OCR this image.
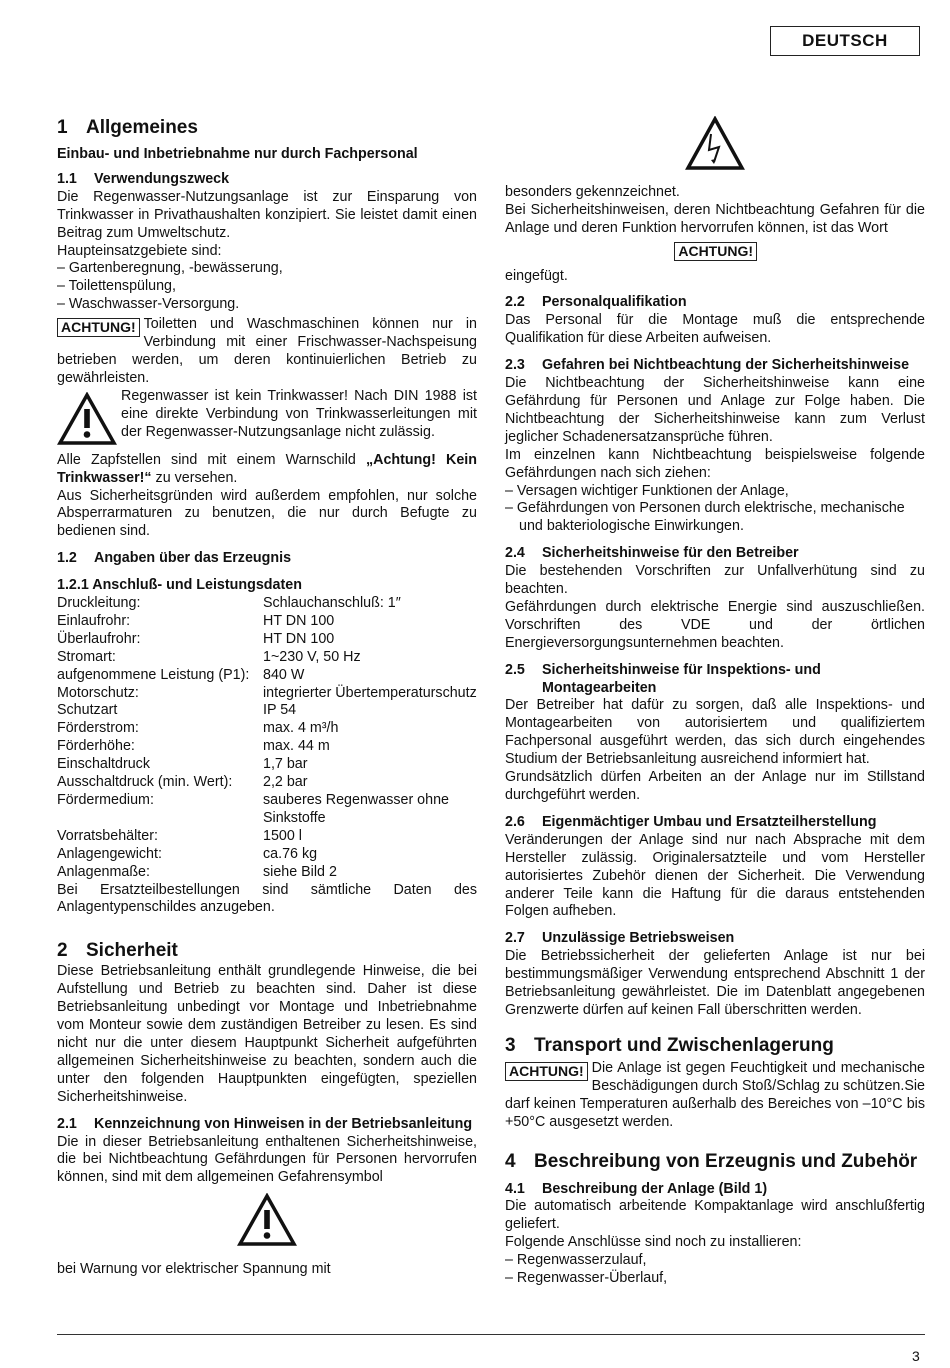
DEUTSCH
1 Allgemeines

Einbau- und Inbetriebnahme nur durch Fachpersonal

1.1 Verwendungszweck

Die Regenwasser-Nutzungsanlage ist zur Einsparung von Trinkwasser in Privathaushalten konzipiert. Sie leistet damit einen Beitrag zum Umweltschutz.

Haupteinsatzgebiete sind:

– Gartenberegnung, -bewässerung,

– Toilettenspülung,

– Waschwasser-Versorgung.

ACHTUNG! Toiletten und Waschmaschinen können nur in Verbindung mit einer Frischwasser-Nachspeisung betrieben werden, um deren kontinuierlichen Betrieb zu gewährleisten.

Regenwasser ist kein Trinkwasser! Nach DIN 1988 ist eine direkte Verbindung von Trinkwasserleitungen mit der Regenwasser-Nutzungsanlage nicht zulässig.

Alle Zapfstellen sind mit einem Warnschild „Achtung! Kein Trinkwasser!“ zu versehen.

Aus Sicherheitsgründen wird außerdem empfohlen, nur solche Absperrarmaturen zu benutzen, die nur durch Befugte zu bedienen sind.

1.2 Angaben über das Erzeugnis
1.2.1 Anschluß- und Leistungsdaten
Druckleitung:	Schlauchanschluß: 1″
Einlaufrohr:	HT DN 100
Überlaufrohr:	HT DN 100
Stromart:	1~230 V, 50 Hz
aufgenommene Leistung (P1): 840 W
Motorschutz:	integrierter Übertemperaturschutz
Schutzart	IP 54
Förderstrom:	max. 4 m³/h
Förderhöhe:	max. 44 m
Einschaltdruck	1,7 bar
Ausschaltdruck (min. Wert):	2,2 bar
Fördermedium:	sauberes Regenwasser ohne Sinkstoffe
Vorratsbehälter:	1500 l
Anlagengewicht:	ca.76 kg
Anlagenmaße:	siehe Bild 2

Bei Ersatzteilbestellungen sind sämtliche Daten des Anlagentypenschildes anzugeben.

2 Sicherheit

Diese Betriebsanleitung enthält grundlegende Hinweise, die bei Aufstellung und Betrieb zu beachten sind. Daher ist diese Betriebsanleitung unbedingt vor Montage und Inbetriebnahme vom Monteur sowie dem zuständigen Betreiber zu lesen. Es sind nicht nur die unter diesem Hauptpunkt Sicherheit aufgeführten allgemeinen Sicherheitshinweise zu beachten, sondern auch die unter den folgenden Hauptpunkten eingefügten, speziellen Sicherheitshinweise.

2.1 Kennzeichnung von Hinweisen in der Betriebsanleitung

Die in dieser Betriebsanleitung enthaltenen Sicherheitshinweise, die bei Nichtbeachtung Gefährdungen für Personen hervorrufen können, sind mit dem allgemeinen Gefahrensymbol

bei Warnung vor elektrischer Spannung mit

besonders gekennzeichnet.

Bei Sicherheitshinweisen, deren Nichtbeachtung Gefahren für die Anlage und deren Funktion hervorrufen können, ist das Wort

ACHTUNG!

eingefügt.

2.2 Personalqualifikation

Das Personal für die Montage muß die entsprechende Qualifikation für diese Arbeiten aufweisen.

2.3 Gefahren bei Nichtbeachtung der Sicherheitshinweise

Die Nichtbeachtung der Sicherheitshinweise kann eine Gefährdung für Personen und Anlage zur Folge haben. Die Nichtbeachtung der Sicherheitshinweise kann zum Verlust jeglicher Schadenersatzansprüche führen.

Im einzelnen kann Nichtbeachtung beispielsweise folgende Gefährdungen nach sich ziehen:

– Versagen wichtiger Funktionen der Anlage,

– Gefährdungen von Personen durch elektrische, mechanische und bakteriologische Einwirkungen.

2.4 Sicherheitshinweise für den Betreiber

Die bestehenden Vorschriften zur Unfallverhütung sind zu beachten.

Gefährdungen durch elektrische Energie sind auszuschließen. Vorschriften des VDE und der örtlichen Energieversorgungsunternehmen beachten.

2.5	Sicherheitshinweise für Inspektions- und Montagearbeiten

Der Betreiber hat dafür zu sorgen, daß alle Inspektions- und Montagearbeiten von autorisiertem und qualifiziertem Fachpersonal ausgeführt werden, das sich durch eingehendes Studium der Betriebsanleitung ausreichend informiert hat.

Grundsätzlich dürfen Arbeiten an der Anlage nur im Stillstand durchgeführt werden.

2.6 Eigenmächtiger Umbau und Ersatzteilherstellung

Veränderungen der Anlage sind nur nach Absprache mit dem Hersteller zulässig. Originalersatzteile und vom Hersteller autorisiertes Zubehör dienen der Sicherheit. Die Verwendung anderer Teile kann die Haftung für die daraus entstehenden Folgen aufheben.

2.7 Unzulässige Betriebsweisen

Die Betriebssicherheit der gelieferten Anlage ist nur bei bestimmungsmäßiger Verwendung entsprechend Abschnitt 1 der Betriebsanleitung gewährleistet. Die im Datenblatt angegebenen Grenzwerte dürfen auf keinen Fall überschritten werden.

3 Transport und Zwischenlagerung
ACHTUNG! Die Anlage ist gegen Feuchtigkeit und mechanische Beschädigungen durch Stoß/Schlag zu schützen.Sie darf keinen Temperaturen außerhalb des Bereiches von –10°C bis +50°C ausgesetzt werden.

4 Beschreibung von Erzeugnis und Zubehör
4.1 Beschreibung der Anlage (Bild 1)

Die automatisch arbeitende Kompaktanlage wird anschlußfertig geliefert.

Folgende Anschlüsse sind noch zu installieren:

– Regenwasserzulauf,

– Regenwasser-Überlauf,

3
